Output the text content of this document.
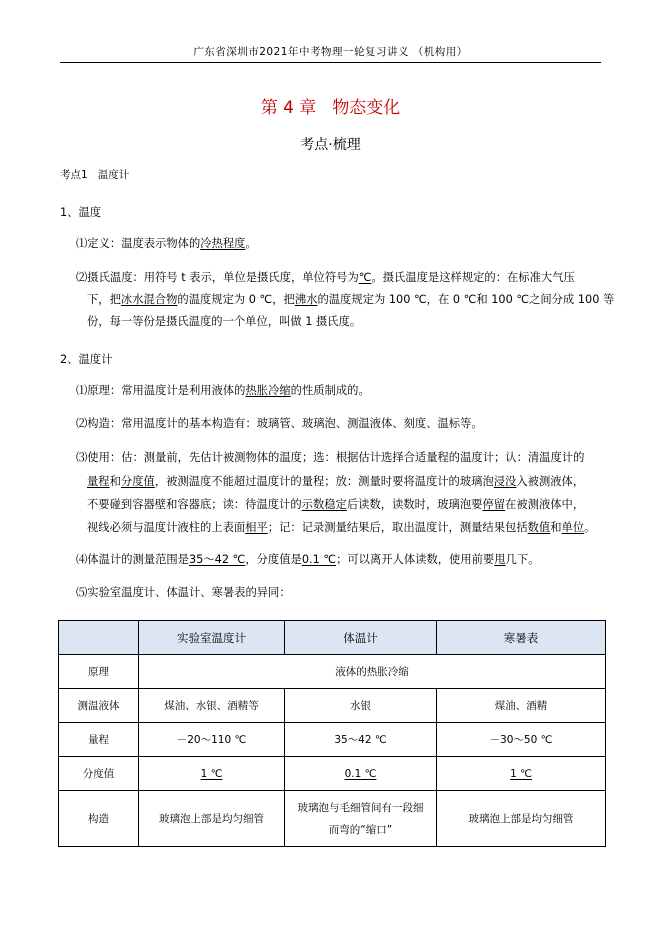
广东省深圳市2021年中考物理一轮复习讲义 （机构用）
第 4 章 物态变化
考点·梳理
考点1 温度计
1、温度
⑴定义：温度表示物体的冷热程度。
⑵摄氏温度：用符号 t 表示，单位是摄氏度，单位符号为℃。摄氏温度是这样规定的：在标准大气压
下，把冰水混合物的温度规定为 0 ℃，把沸水的温度规定为 100 ℃，在 0 ℃和 100 ℃之间分成 100 等
份，每一等份是摄氏温度的一个单位，叫做 1 摄氏度。
2、温度计
⑴原理：常用温度计是利用液体的热胀冷缩的性质制成的。
⑵构造：常用温度计的基本构造有：玻璃管、玻璃泡、测温液体、刻度、温标等。
⑶使用：估：测量前，先估计被测物体的温度；选：根据估计选择合适量程的温度计；认：清温度计的
量程和分度值，被测温度不能超过温度计的量程；放：测量时要将温度计的玻璃泡浸没入被测液体，
不要碰到容器壁和容器底；读：待温度计的示数稳定后读数，读数时，玻璃泡要停留在被测液体中，
视线必须与温度计液柱的上表面相平；记：记录测量结果后，取出温度计，测量结果包括数值和单位。
⑷体温计的测量范围是35～42 ℃，分度值是0.1 ℃；可以离开人体读数，使用前要甩几下。
⑸实验室温度计、体温计、寒暑表的异同：
	实验室温度计	体温计	寒暑表
原理	液体的热胀冷缩		
测温液体	煤油、水银、酒精等	水银	煤油、酒精
量程	－20～110 ℃	35～42 ℃	－30～50 ℃
分度值	1 ℃	0.1 ℃	1 ℃
构造	玻璃泡上部是均匀细管	玻璃泡与毛细管间有一段细
而弯的“缩口”	玻璃泡上部是均匀细管
